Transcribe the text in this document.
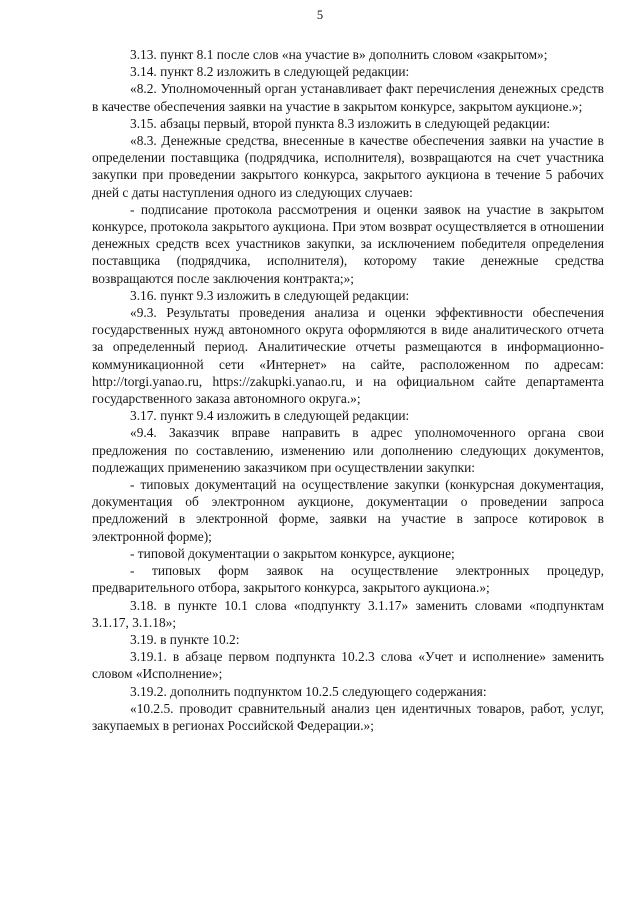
5

3.13. пункт 8.1 после слов «на участие в» дополнить словом «закрытом»;

3.14. пункт 8.2 изложить в следующей редакции:

«8.2. Уполномоченный орган устанавливает факт перечисления денежных средств в качестве обеспечения заявки на участие в закрытом конкурсе, закрытом аукционе.»;

3.15. абзацы первый, второй пункта 8.3 изложить в следующей редакции:

«8.3. Денежные средства, внесенные в качестве обеспечения заявки на участие в определении поставщика (подрядчика, исполнителя), возвращаются на счет участника закупки при проведении закрытого конкурса, закрытого аукциона в течение 5 рабочих дней с даты наступления одного из следующих случаев:

- подписание протокола рассмотрения и оценки заявок на участие в закрытом конкурсе, протокола закрытого аукциона. При этом возврат осуществляется в отношении денежных средств всех участников закупки, за исключением победителя определения поставщика (подрядчика, исполнителя), которому такие денежные средства возвращаются после заключения контракта;»;

3.16. пункт 9.3 изложить в следующей редакции:

«9.3. Результаты проведения анализа и оценки эффективности обеспечения государственных нужд автономного округа оформляются в виде аналитического отчета за определенный период. Аналитические отчеты размещаются в информационно-коммуникационной сети «Интернет» на сайте, расположенном по адресам: http://torgi.yanao.ru, https://zakupki.yanao.ru, и на официальном сайте департамента государственного заказа автономного округа.»;

3.17. пункт 9.4 изложить в следующей редакции:

«9.4. Заказчик вправе направить в адрес уполномоченного органа свои предложения по составлению, изменению или дополнению следующих документов, подлежащих применению заказчиком при осуществлении закупки:

- типовых документаций на осуществление закупки (конкурсная документация, документация об электронном аукционе, документации о проведении запроса предложений в электронной форме, заявки на участие в запросе котировок в электронной форме);

- типовой документации о закрытом конкурсе, аукционе;

- типовых форм заявок на осуществление электронных процедур, предварительного отбора, закрытого конкурса, закрытого аукциона.»;

3.18. в пункте 10.1 слова «подпункту 3.1.17» заменить словами «подпунктам 3.1.17, 3.1.18»;

3.19. в пункте 10.2:

3.19.1. в абзаце первом подпункта 10.2.3 слова «Учет и исполнение» заменить словом «Исполнение»;

3.19.2. дополнить подпунктом 10.2.5 следующего содержания:

«10.2.5. проводит сравнительный анализ цен идентичных товаров, работ, услуг, закупаемых в регионах Российской Федерации.»;
